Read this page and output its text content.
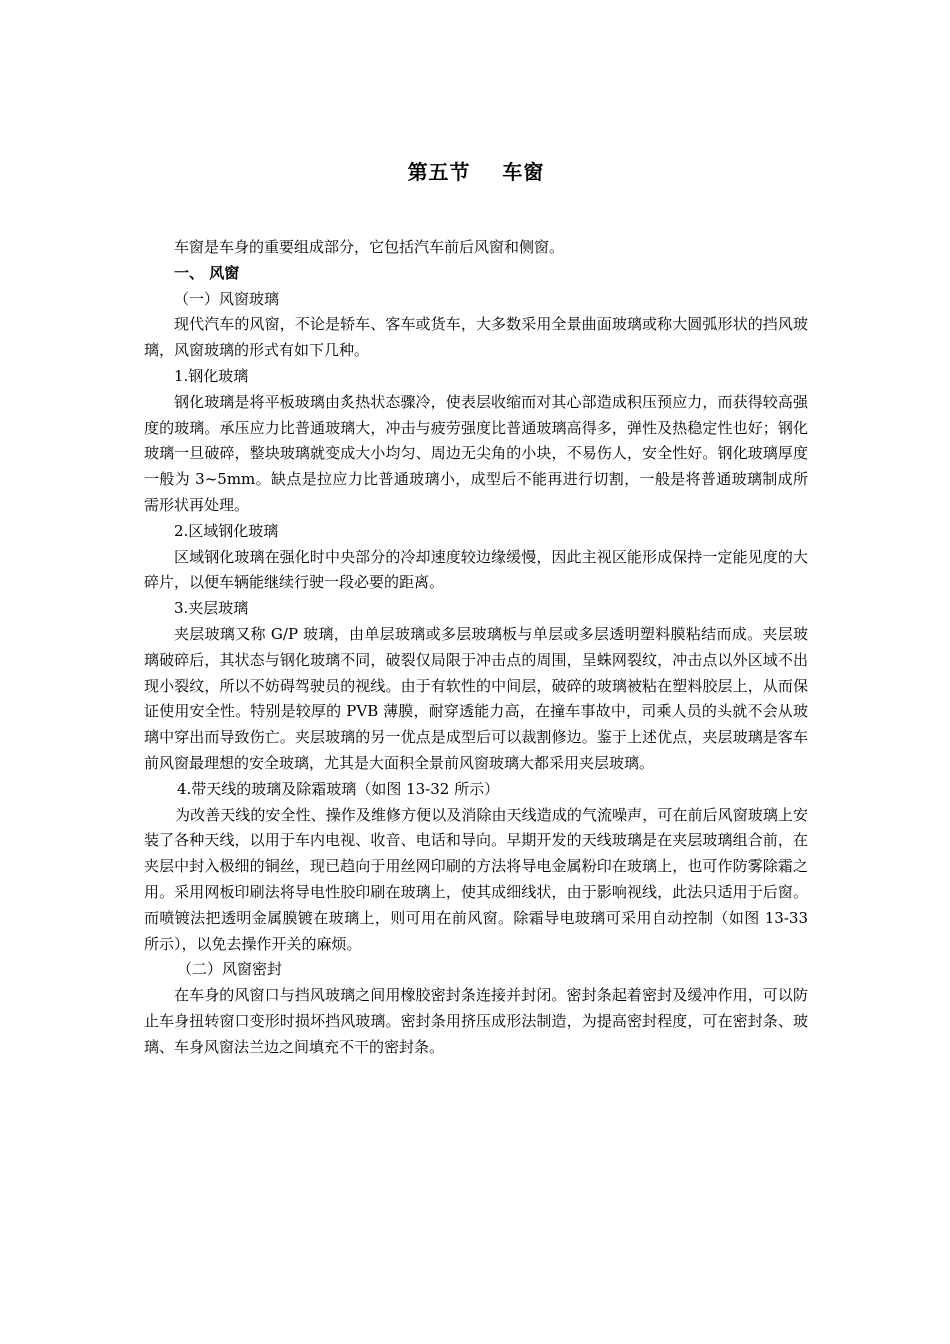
第五节    车窗

车窗是车身的重要组成部分，它包括汽车前后风窗和侧窗。

一、 风窗

（一）风窗玻璃

现代汽车的风窗，不论是轿车、客车或货车，大多数采用全景曲面玻璃或称大圆弧形状的挡风玻璃，风窗玻璃的形式有如下几种。

1.钢化玻璃

钢化玻璃是将平板玻璃由炙热状态骤冷，使表层收缩而对其心部造成积压预应力，而获得较高强度的玻璃。承压应力比普通玻璃大，冲击与疲劳强度比普通玻璃高得多，弹性及热稳定性也好；钢化玻璃一旦破碎，整块玻璃就变成大小均匀、周边无尖角的小块，不易伤人，安全性好。钢化玻璃厚度一般为 3~5mm。缺点是拉应力比普通玻璃小，成型后不能再进行切割，一般是将普通玻璃制成所需形状再处理。

2.区域钢化玻璃

区域钢化玻璃在强化时中央部分的冷却速度较边缘缓慢，因此主视区能形成保持一定能见度的大碎片，以便车辆能继续行驶一段必要的距离。

3.夹层玻璃

夹层玻璃又称 G/P 玻璃，由单层玻璃或多层玻璃板与单层或多层透明塑料膜粘结而成。夹层玻璃破碎后，其状态与钢化玻璃不同，破裂仅局限于冲击点的周围，呈蛛网裂纹，冲击点以外区域不出现小裂纹，所以不妨碍驾驶员的视线。由于有软性的中间层，破碎的玻璃被粘在塑料胶层上，从而保证使用安全性。特别是较厚的 PVB 薄膜，耐穿透能力高，在撞车事故中，司乘人员的头就不会从玻璃中穿出而导致伤亡。夹层玻璃的另一优点是成型后可以裁割修边。鉴于上述优点，夹层玻璃是客车前风窗最理想的安全玻璃，尤其是大面积全景前风窗玻璃大都采用夹层玻璃。

4.带天线的玻璃及除霜玻璃（如图 13-32 所示）

为改善天线的安全性、操作及维修方便以及消除由天线造成的气流噪声，可在前后风窗玻璃上安装了各种天线，以用于车内电视、收音、电话和导向。早期开发的天线玻璃是在夹层玻璃组合前，在夹层中封入极细的铜丝，现已趋向于用丝网印刷的方法将导电金属粉印在玻璃上，也可作防雾除霜之用。采用网板印刷法将导电性胶印刷在玻璃上，使其成细线状，由于影响视线，此法只适用于后窗。而喷镀法把透明金属膜镀在玻璃上，则可用在前风窗。除霜导电玻璃可采用自动控制（如图 13-33 所示），以免去操作开关的麻烦。

（二）风窗密封

在车身的风窗口与挡风玻璃之间用橡胶密封条连接并封闭。密封条起着密封及缓冲作用，可以防止车身扭转窗口变形时损坏挡风玻璃。密封条用挤压成形法制造，为提高密封程度，可在密封条、玻璃、车身风窗法兰边之间填充不干的密封条。
